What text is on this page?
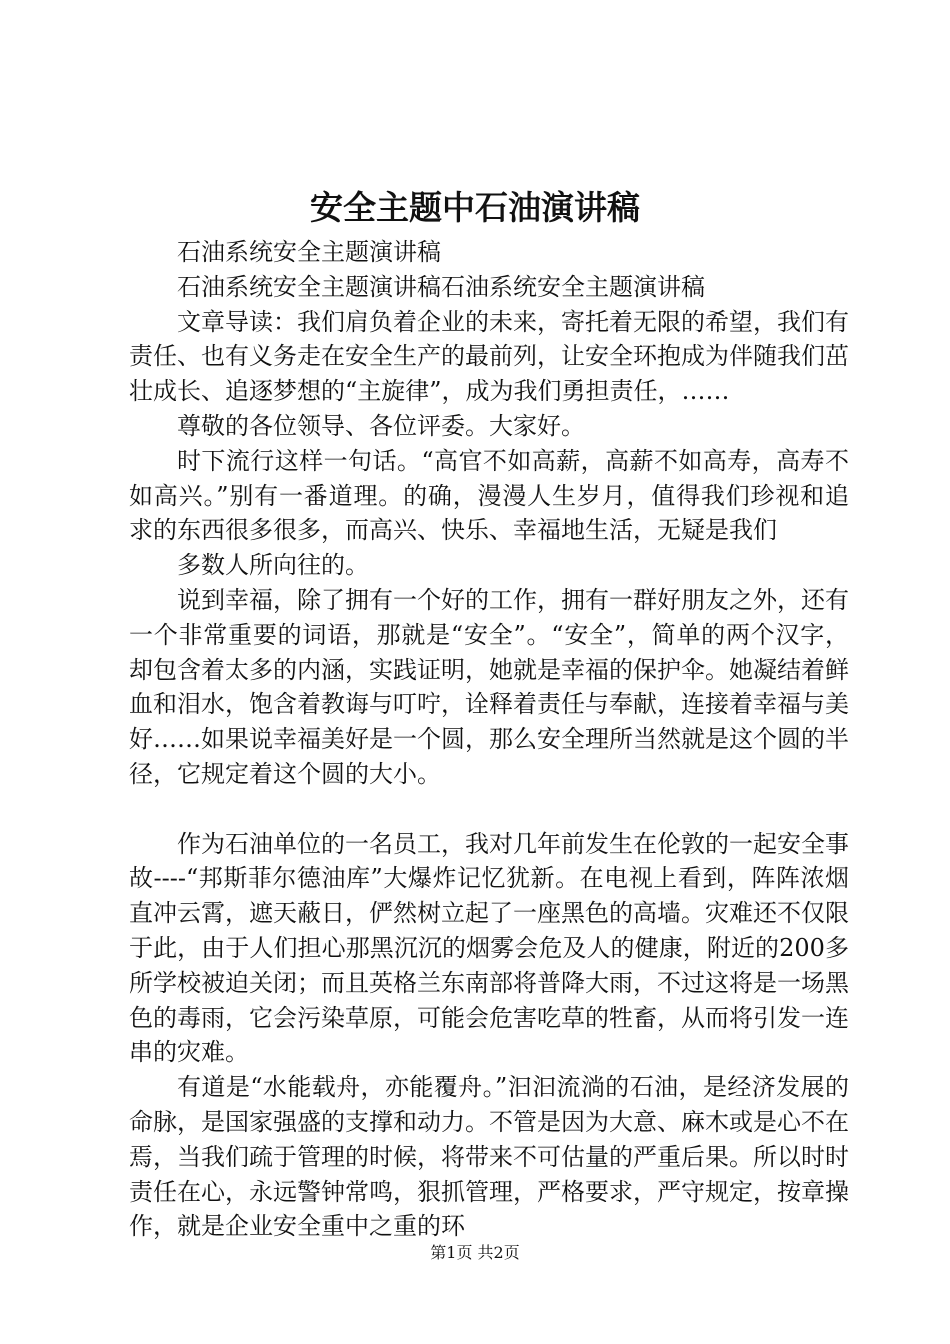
安全主题中石油演讲稿

石油系统安全主题演讲稿

石油系统安全主题演讲稿石油系统安全主题演讲稿

文章导读：我们肩负着企业的未来，寄托着无限的希望，我们有责任、也有义务走在安全生产的最前列，让安全环抱成为伴随我们茁壮成长、追逐梦想的“主旋律”，成为我们勇担责任，……

尊敬的各位领导、各位评委。大家好。

时下流行这样一句话。“高官不如高薪，高薪不如高寿，高寿不如高兴。”别有一番道理。的确，漫漫人生岁月，值得我们珍视和追求的东西很多很多，而高兴、快乐、幸福地生活，无疑是我们

多数人所向往的。

说到幸福，除了拥有一个好的工作，拥有一群好朋友之外，还有一个非常重要的词语，那就是“安全”。“安全”，简单的两个汉字，却包含着太多的内涵，实践证明，她就是幸福的保护伞。她凝结着鲜血和泪水，饱含着教诲与叮咛，诠释着责任与奉献，连接着幸福与美好……如果说幸福美好是一个圆，那么安全理所当然就是这个圆的半径，它规定着这个圆的大小。

作为石油单位的一名员工，我对几年前发生在伦敦的一起安全事故----“邦斯菲尔德油库”大爆炸记忆犹新。在电视上看到，阵阵浓烟直冲云霄，遮天蔽日，俨然树立起了一座黑色的高墙。灾难还不仅限于此，由于人们担心那黑沉沉的烟雾会危及人的健康，附近的200多所学校被迫关闭；而且英格兰东南部将普降大雨，不过这将是一场黑色的毒雨，它会污染草原，可能会危害吃草的牲畜，从而将引发一连串的灾难。

有道是“水能载舟，亦能覆舟。”汩汩流淌的石油，是经济发展的命脉，是国家强盛的支撑和动力。不管是因为大意、麻木或是心不在焉，当我们疏于管理的时候，将带来不可估量的严重后果。所以时时责任在心，永远警钟常鸣，狠抓管理，严格要求，严守规定，按章操作，就是企业安全重中之重的环

第1页 共2页
